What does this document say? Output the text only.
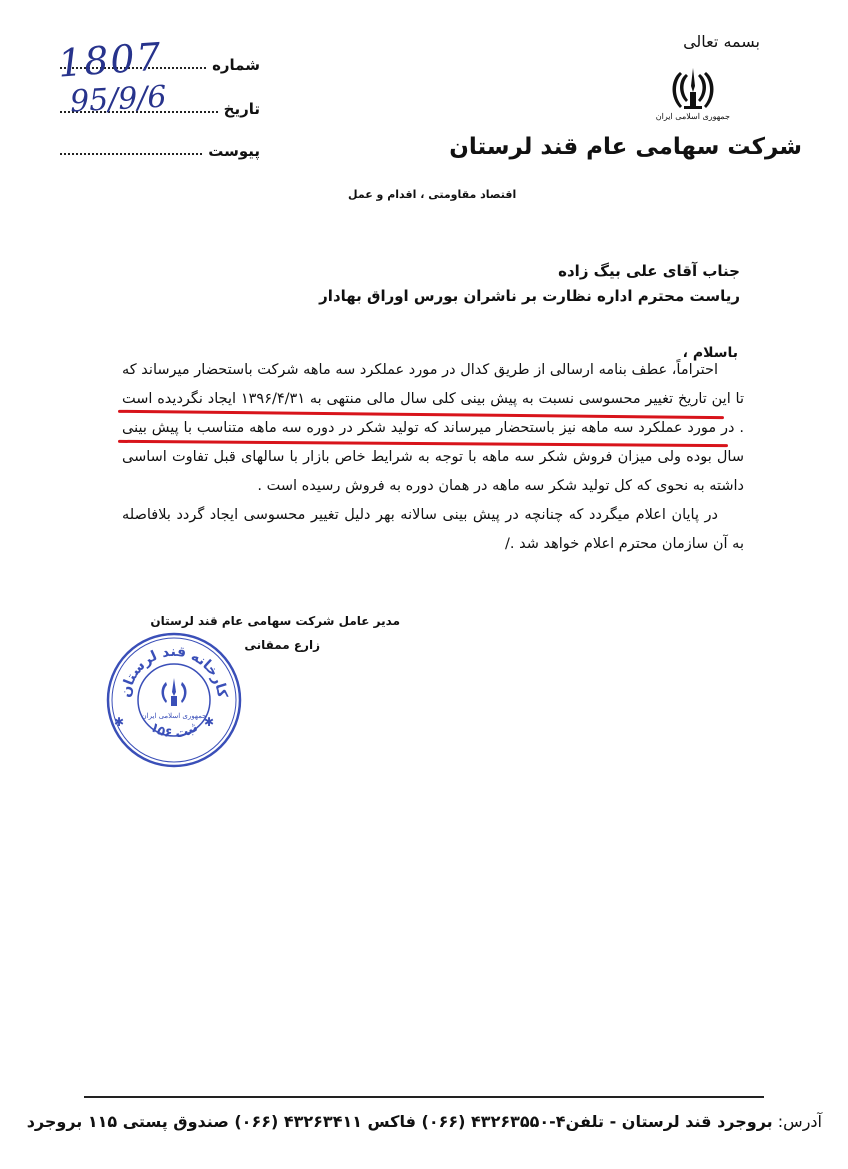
بسمه تعالی
جمهوری اسلامی ایران
شرکت سهامی عام قند لرستان
شماره
تاریخ
پیوست
1807
95/9/6
اقتصاد مقاومتی ، اقدام و عمل
جناب آقای علی بیگ زاده
ریاست محترم اداره نظارت بر ناشران بورس اوراق بهادار
باسلام ،

احتراماً، عطف بنامه ارسالی از طریق کدال در مورد عملکرد سه ماهه شرکت باستحضار میرساند که تا این تاریخ تغییر محسوسی نسبت به پیش بینی کلی سال مالی منتهی به ۱۳۹۶/۴/۳۱ ایجاد نگردیده است . در مورد عملکرد سه ماهه نیز باستحضار میرساند که تولید شکر در دوره سه ماهه متناسب با پیش بینی سال بوده ولی میزان فروش شکر سه ماهه با توجه به شرایط خاص بازار با سالهای قبل تفاوت اساسی داشته به نحوی که کل تولید شکر سه ماهه در همان دوره به فروش رسیده است .

در پایان اعلام میگردد که چنانچه در پیش بینی سالانه بهر دلیل تغییر محسوسی ایجاد گردد بلافاصله به آن سازمان محترم اعلام خواهد شد ./

مدیر عامل شرکت سهامی عام قند لرستان
زارع ممقانی
کارخانه قند لرستان
ثبت ۱۵۶
جمهوری اسلامی ایران
✱	✱
آدرس: بروجرد قند لرستان - تلفن۴-۴۳۲۶۳۵۵۰ (۰۶۶) فاکس ۴۳۲۶۳۴۱۱ (۰۶۶) صندوق پستی ۱۱۵ بروجرد
